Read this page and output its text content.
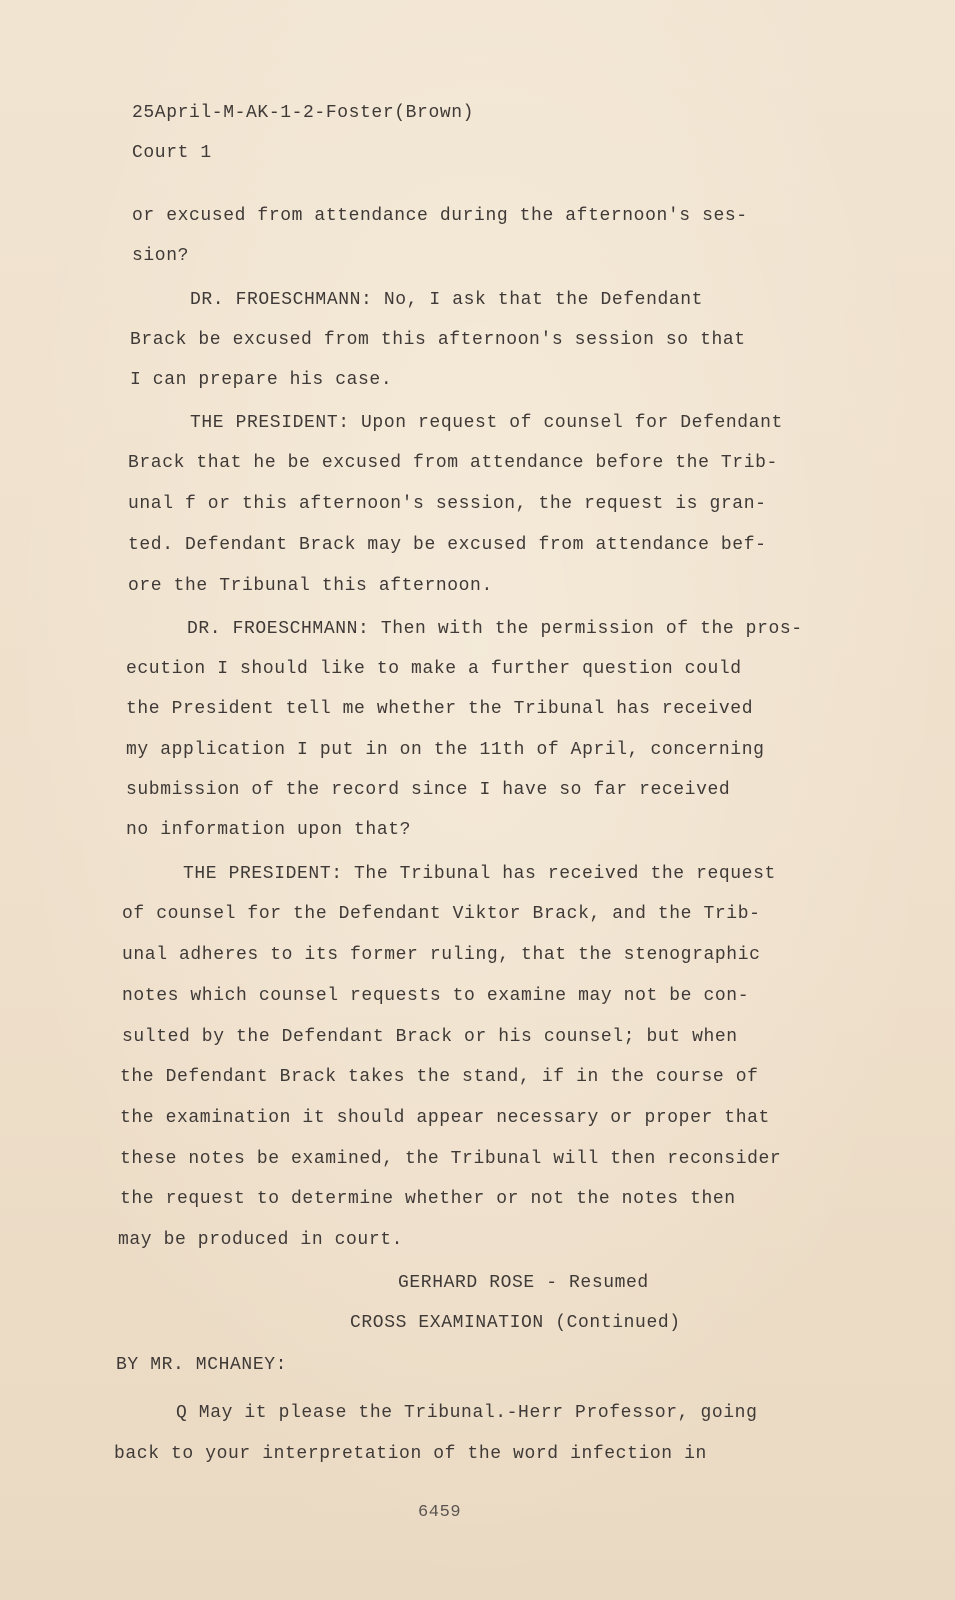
25April-M-AK-1-2-Foster(Brown)
Court 1
or excused from attendance during the afternoon's ses-
sion?
DR. FROESCHMANN: No, I ask that the Defendant
Brack be excused from this afternoon's session so that
I can prepare his case.
THE PRESIDENT: Upon request of counsel for Defendant
Brack that he be excused from attendance before the Trib-
unal f or this afternoon's session, the request is gran-
ted. Defendant Brack may be excused from attendance bef-
ore the Tribunal this afternoon.
DR. FROESCHMANN: Then with the permission of the pros-
ecution I should like to make a further question could
the President tell me whether the Tribunal has received
my application I put in on the 11th of April, concerning
submission of the record since I have so far received
no information upon that?
THE PRESIDENT: The Tribunal has received the request
of counsel for the Defendant Viktor Brack, and the Trib-
unal adheres to its former ruling, that the stenographic
notes which counsel requests to examine may not be con-
sulted by the Defendant Brack or his counsel; but when
the Defendant Brack takes the stand, if in the course of
the examination it should appear necessary or proper that
these notes be examined, the Tribunal will then reconsider
the request to determine whether or not the notes then
may be produced in court.
GERHARD ROSE - Resumed
CROSS EXAMINATION (Continued)
BY MR. MCHANEY:
Q May it please the Tribunal.-Herr Professor, going
back to your interpretation of the word infection in
6459
